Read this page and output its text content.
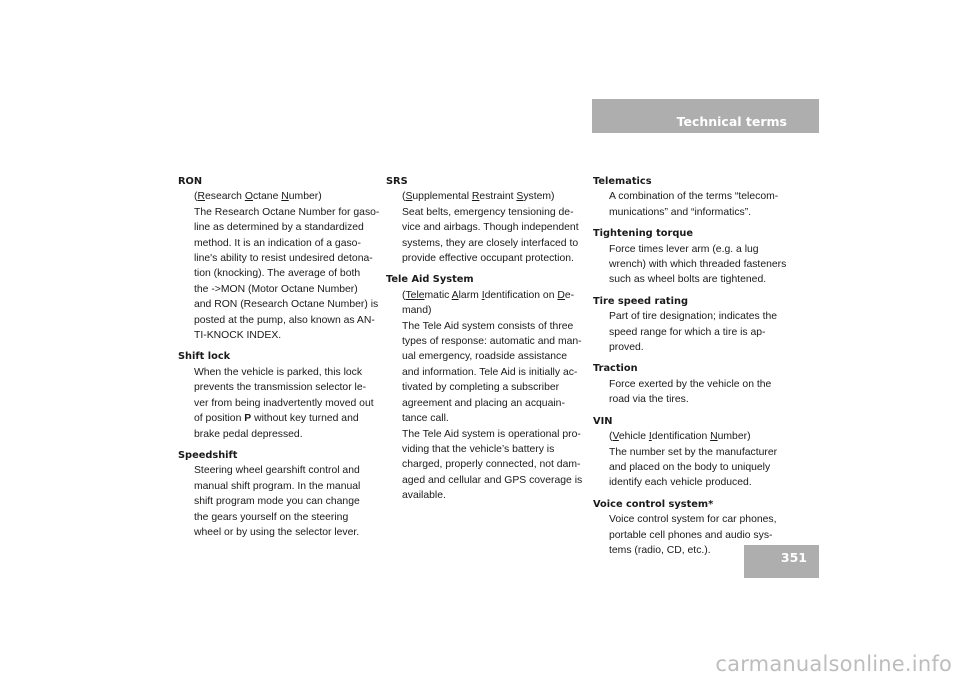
Technical terms
RON
(Research Octane Number)
The Research Octane Number for gaso-
line as determined by a standardized
method. It is an indication of a gaso-
line's ability to resist undesired detona-
tion (knocking). The average of both
the ->MON (Motor Octane Number)
and RON (Research Octane Number) is
posted at the pump, also known as AN-
TI-KNOCK INDEX.
Shift lock
When the vehicle is parked, this lock
prevents the transmission selector le-
ver from being inadvertently moved out
of position P without key turned and
brake pedal depressed.
Speedshift
Steering wheel gearshift control and
manual shift program. In the manual
shift program mode you can change
the gears yourself on the steering
wheel or by using the selector lever.
SRS
(Supplemental Restraint System)
Seat belts, emergency tensioning de-
vice and airbags. Though independent
systems, they are closely interfaced to
provide effective occupant protection.
Tele Aid System
(Telematic Alarm Identification on De-
mand)
The Tele Aid system consists of three
types of response: automatic and man-
ual emergency, roadside assistance
and information. Tele Aid is initially ac-
tivated by completing a subscriber
agreement and placing an acquain-
tance call.
The Tele Aid system is operational pro-
viding that the vehicle’s battery is
charged, properly connected, not dam-
aged and cellular and GPS coverage is
available.
Telematics
A combination of the terms “telecom-
munications” and “informatics”.
Tightening torque
Force times lever arm (e.g. a lug
wrench) with which threaded fasteners
such as wheel bolts are tightened.
Tire speed rating
Part of tire designation; indicates the
speed range for which a tire is ap-
proved.
Traction
Force exerted by the vehicle on the
road via the tires.
VIN
(Vehicle Identification Number)
The number set by the manufacturer
and placed on the body to uniquely
identify each vehicle produced.
Voice control system*
Voice control system for car phones,
portable cell phones and audio sys-
tems (radio, CD, etc.).	351
carmanualsonline.info
